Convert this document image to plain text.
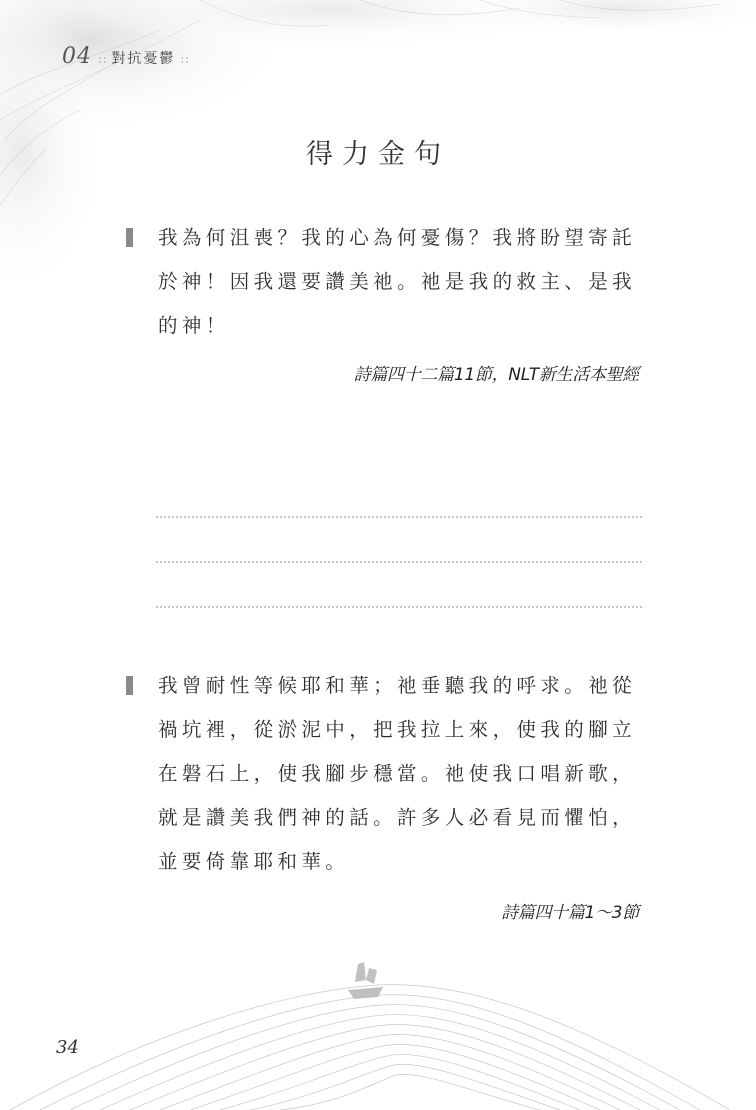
04 :: 對抗憂鬱 ::
得力金句
我為何沮喪？我的心為何憂傷？我將盼望寄託
於神！因我還要讚美祂。祂是我的救主、是我
的神！
詩篇四十二篇11節，NLT新生活本聖經
我曾耐性等候耶和華；祂垂聽我的呼求。祂從
禍坑裡，從淤泥中，把我拉上來，使我的腳立
在磐石上，使我腳步穩當。祂使我口唱新歌，
就是讚美我們神的話。許多人必看見而懼怕，
並要倚靠耶和華。
詩篇四十篇1～3節
34
